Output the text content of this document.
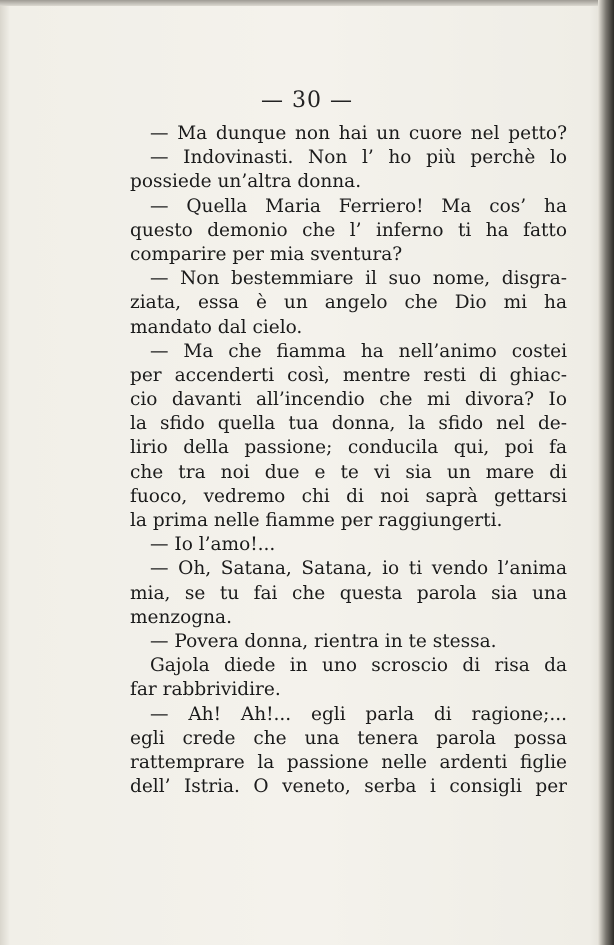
— 30 —
— Ma dunque non hai un cuore nel petto?
— Indovinasti. Non l’ ho più perchè lo
possiede un’altra donna.
— Quella Maria Ferriero! Ma cos’ ha
questo demonio che l’ inferno ti ha fatto
comparire per mia sventura?
— Non bestemmiare il suo nome, disgra-
ziata, essa è un angelo che Dio mi ha
mandato dal cielo.
— Ma che fiamma ha nell’animo costei
per accenderti così, mentre resti di ghiac-
cio davanti all’incendio che mi divora? Io
la sfido quella tua donna, la sfido nel de-
lirio della passione; conducila qui, poi fa
che tra noi due e te vi sia un mare di
fuoco, vedremo chi di noi saprà gettarsi
la prima nelle fiamme per raggiungerti.
— Io l’amo!...
— Oh, Satana, Satana, io ti vendo l’anima
mia, se tu fai che questa parola sia una
menzogna.
— Povera donna, rientra in te stessa.
Gajola diede in uno scroscio di risa da
far rabbrividire.
— Ah! Ah!... egli parla di ragione;...
egli crede che una tenera parola possa
rattemprare la passione nelle ardenti figlie
dell’ Istria. O veneto, serba i consigli per
